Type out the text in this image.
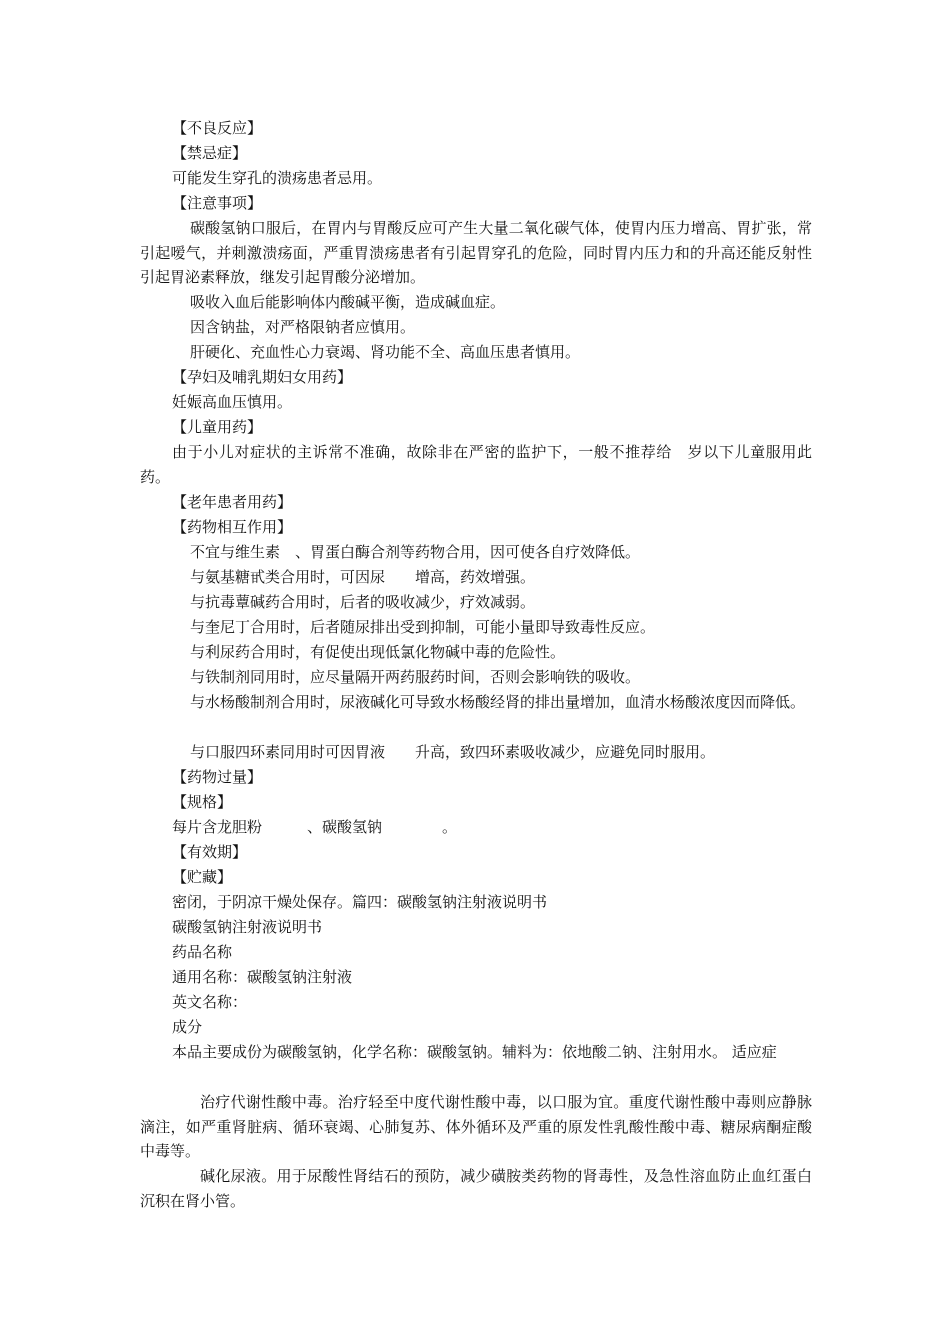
【不良反应】

【禁忌症】

可能发生穿孔的溃疡患者忌用。

【注意事项】

碳酸氢钠口服后，在胃内与胃酸反应可产生大量二氧化碳气体，使胃内压力增高、胃扩张，常引起嗳气，并刺激溃疡面，严重胃溃疡患者有引起胃穿孔的危险，同时胃内压力和的升高还能反射性引起胃泌素释放，继发引起胃酸分泌增加。

吸收入血后能影响体内酸碱平衡，造成碱血症。

因含钠盐，对严格限钠者应慎用。

肝硬化、充血性心力衰竭、肾功能不全、高血压患者慎用。

【孕妇及哺乳期妇女用药】

妊娠高血压慎用。

【儿童用药】

由于小儿对症状的主诉常不准确，故除非在严密的监护下，一般不推荐给　岁以下儿童服用此药。

【老年患者用药】

【药物相互作用】

不宜与维生素　、胃蛋白酶合剂等药物合用，因可使各自疗效降低。

与氨基糖甙类合用时，可因尿　　增高，药效增强。

与抗毒蕈碱药合用时，后者的吸收减少，疗效减弱。

与奎尼丁合用时，后者随尿排出受到抑制，可能小量即导致毒性反应。

与利尿药合用时，有促使出现低氯化物碱中毒的危险性。

与铁制剂同用时，应尽量隔开两药服药时间，否则会影响铁的吸收。

与水杨酸制剂合用时，尿液碱化可导致水杨酸经肾的排出量增加，血清水杨酸浓度因而降低。

与口服四环素同用时可因胃液　　升高，致四环素吸收减少，应避免同时服用。

【药物过量】

【规格】

每片含龙胆粉　　　、碳酸氢钠　　　　。

【有效期】

【贮藏】

密闭，于阴凉干燥处保存。篇四：碳酸氢钠注射液说明书

碳酸氢钠注射液说明书

药品名称

通用名称：碳酸氢钠注射液

英文名称：

成分

本品主要成份为碳酸氢钠，化学名称：碳酸氢钠。辅料为：依地酸二钠、注射用水。 适应症

治疗代谢性酸中毒。治疗轻至中度代谢性酸中毒，以口服为宜。重度代谢性酸中毒则应静脉滴注，如严重肾脏病、循环衰竭、心肺复苏、体外循环及严重的原发性乳酸性酸中毒、糖尿病酮症酸中毒等。

碱化尿液。用于尿酸性肾结石的预防，减少磺胺类药物的肾毒性，及急性溶血防止血红蛋白沉积在肾小管。
